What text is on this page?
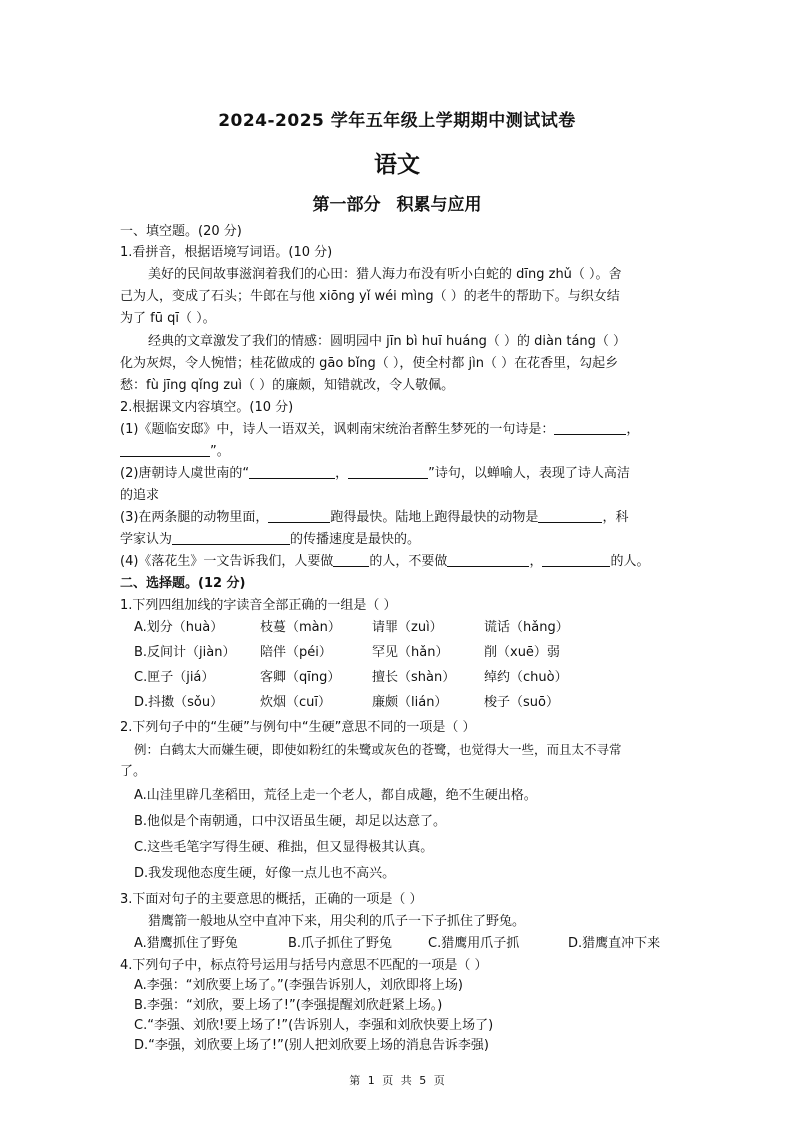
2024-2025 学年五年级上学期期中测试试卷
语文
第一部分 积累与应用
一、填空题。(20 分)
1.看拼音，根据语境写词语。(10 分)
美好的民间故事滋润着我们的心田：猎人海力布没有听小白蛇的 dīng zhǔ（ ）。舍
己为人，变成了石头；牛郎在与他 xiōng yǐ wéi mìng（ ）的老牛的帮助下。与织女结
为了 fū qī（ ）。
经典的文章激发了我们的情感：圆明园中 jīn bì huī huáng（ ）的 diàn táng（ ）
化为灰烬，令人惋惜；桂花做成的 gāo bǐng（ ），使全村都 jìn（ ）在花香里，勾起乡
愁：fù jīng qǐng zuì（ ）的廉颇，知错就改，令人敬佩。
2.根据课文内容填空。(10 分)
(1)《题临安邸》中，诗人一语双关，讽刺南宋统治者醉生梦死的一句诗是：	，
”。
(2)唐朝诗人虞世南的“	，	”诗句，以蝉喻人，表现了诗人高洁
的追求
(3)在两条腿的动物里面，	跑得最快。陆地上跑得最快的动物是	，科
学家认为	的传播速度是最快的。
(4)《落花生》一文告诉我们，人要做	的人，不要做	，	的人。
二、选择题。(12 分)
1.下列四组加线的字读音全部正确的一组是（ ）
A.划分（huà）	枝蔓（màn） 请罪（zuì）	谎话（hǎng）
B.反间计（jiàn） 陪伴（péi）	罕见（hǎn）	削（xuē）弱
C.匣子（jiá）	客卿（qīng） 擅长（shàn） 绰约（chuò）
D.抖擞（sǒu）	炊烟（cuī）	廉颇（lián）	梭子（suō）
2.下列句子中的“生硬”与例句中“生硬”意思不同的一项是（ ）
例：白鹤太大而嫌生硬，即使如粉红的朱鹭或灰色的苍鹭，也觉得大一些，而且太不寻常
了。
A.山洼里辟几垄稻田，荒径上走一个老人，都自成趣，绝不生硬出格。
B.他似是个南朝通，口中汉语虽生硬，却足以达意了。
C.这些毛笔字写得生硬、稚拙，但又显得极其认真。
D.我发现他态度生硬，好像一点儿也不高兴。
3.下面对句子的主要意思的概括，正确的一项是（ ）
猎鹰箭一般地从空中直冲下来，用尖利的爪子一下子抓住了野兔。
A.猎鹰抓住了野兔	B.爪子抓住了野兔	C.猎鹰用爪子抓	D.猎鹰直冲下来
4.下列句子中，标点符号运用与括号内意思不匹配的一项是（ ）
A.李强：“刘欣要上场了。”(李强告诉别人，刘欣即将上场)
B.李强：“刘欣，要上场了!”(李强提醒刘欣赶紧上场。)
C.“李强、刘欣!要上场了!”(告诉别人，李强和刘欣快要上场了)
D.“李强，刘欣要上场了!”(别人把刘欣要上场的消息告诉李强)
第 1 页 共 5 页
